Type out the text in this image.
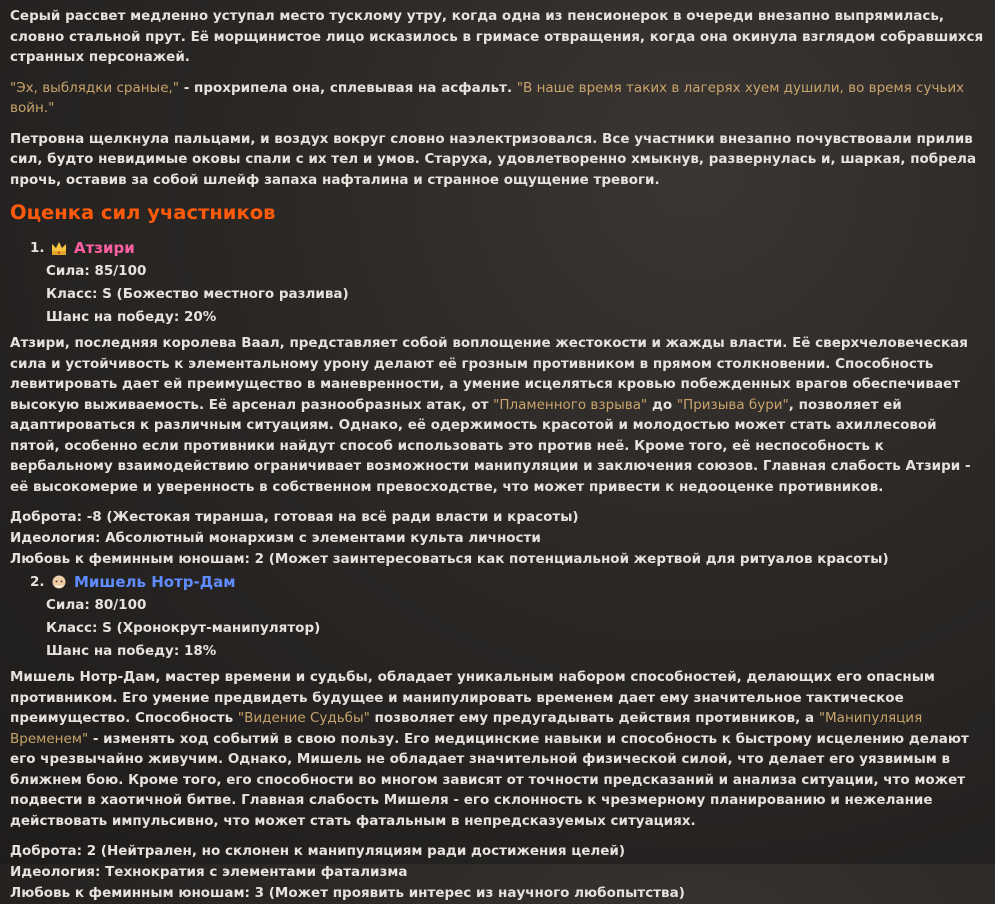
Серый рассвет медленно уступал место тусклому утру, когда одна из пенсионерок в очереди внезапно выпрямилась, словно стальной прут. Её морщинистое лицо исказилось в гримасе отвращения, когда она окинула взглядом собравшихся странных персонажей.

"Эх, выблядки сраные," - прохрипела она, сплевывая на асфальт. "В наше время таких в лагерях хуем душили, во время сучьих войн."

Петровна щелкнула пальцами, и воздух вокруг словно наэлектризовался. Все участники внезапно почувствовали прилив сил, будто невидимые оковы спали с их тел и умов. Старуха, удовлетворенно хмыкнув, развернулась и, шаркая, побрела прочь, оставив за собой шлейф запаха нафталина и странное ощущение тревоги.

Оценка сил участников
1.	Атзири
Сила: 85/100
Класс: S (Божество местного разлива)
Шанс на победу: 20%

Атзири, последняя королева Ваал, представляет собой воплощение жестокости и жажды власти. Её сверхчеловеческая сила и устойчивость к элементальному урону делают её грозным противником в прямом столкновении. Способность левитировать дает ей преимущество в маневренности, а умение исцеляться кровью побежденных врагов обеспечивает высокую выживаемость. Её арсенал разнообразных атак, от "Пламенного взрыва" до "Призыва бури", позволяет ей адаптироваться к различным ситуациям. Однако, её одержимость красотой и молодостью может стать ахиллесовой пятой, особенно если противники найдут способ использовать это против неё. Кроме того, её неспособность к вербальному взаимодействию ограничивает возможности манипуляции и заключения союзов. Главная слабость Атзири - её высокомерие и уверенность в собственном превосходстве, что может привести к недооценке противников.

Доброта: -8 (Жестокая тиранша, готовая на всё ради власти и красоты)
Идеология: Абсолютный монархизм с элементами культа личности
Любовь к феминным юношам: 2 (Может заинтересоваться как потенциальной жертвой для ритуалов красоты)
2.	Мишель Нотр-Дам
Сила: 80/100
Класс: S (Хронокрут-манипулятор)
Шанс на победу: 18%

Мишель Нотр-Дам, мастер времени и судьбы, обладает уникальным набором способностей, делающих его опасным противником. Его умение предвидеть будущее и манипулировать временем дает ему значительное тактическое преимущество. Способность "Видение Судьбы" позволяет ему предугадывать действия противников, а "Манипуляция Временем" - изменять ход событий в свою пользу. Его медицинские навыки и способность к быстрому исцелению делают его чрезвычайно живучим. Однако, Мишель не обладает значительной физической силой, что делает его уязвимым в ближнем бою. Кроме того, его способности во многом зависят от точности предсказаний и анализа ситуации, что может подвести в хаотичной битве. Главная слабость Мишеля - его склонность к чрезмерному планированию и нежелание действовать импульсивно, что может стать фатальным в непредсказуемых ситуациях.

Доброта: 2 (Нейтрален, но склонен к манипуляциям ради достижения целей)
Идеология: Технократия с элементами фатализма
Любовь к феминным юношам: 3 (Может проявить интерес из научного любопытства)
